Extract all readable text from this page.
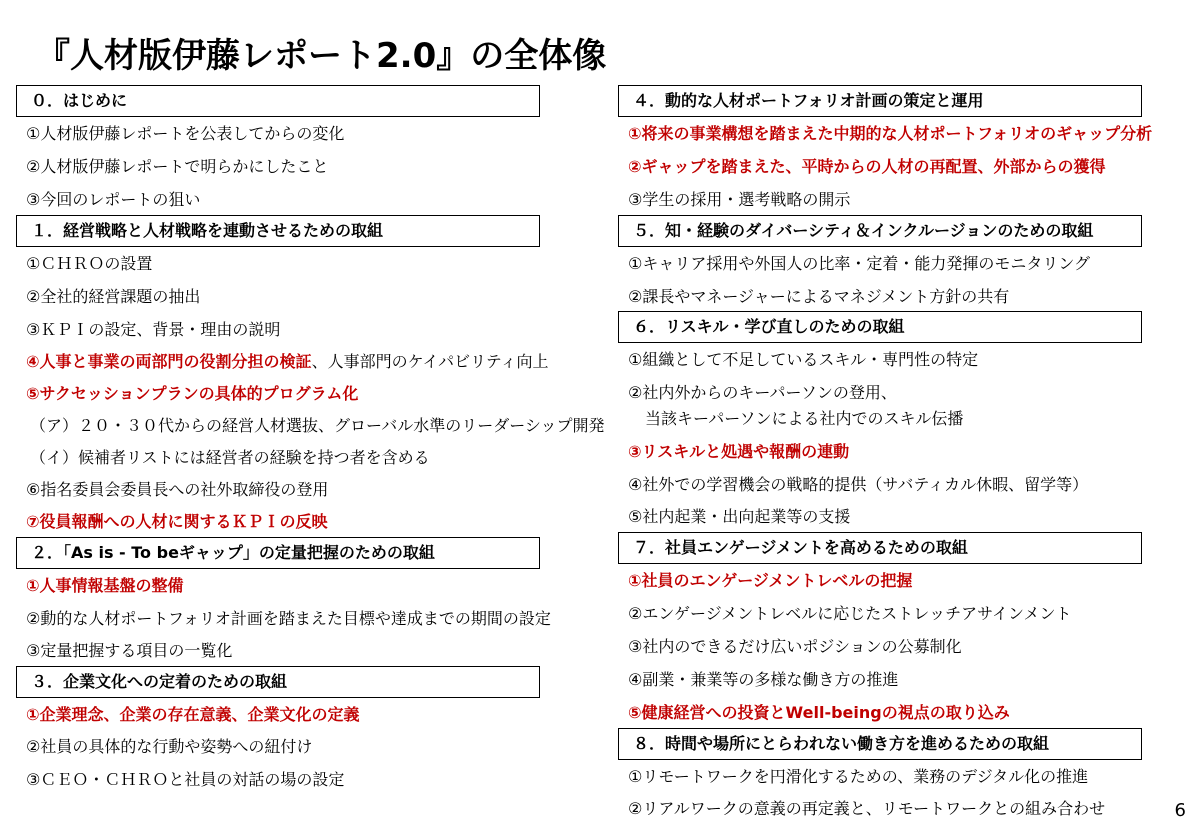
『人材版伊藤レポート2.0』の全体像
０．はじめに
①人材版伊藤レポートを公表してからの変化
②人材版伊藤レポートで明らかにしたこと
③今回のレポートの狙い
１．経営戦略と人材戦略を連動させるための取組
①ＣＨＲＯの設置
②全社的経営課題の抽出
③ＫＰＩの設定、背景・理由の説明
④人事と事業の両部門の役割分担の検証、人事部門のケイパビリティ向上
⑤サクセッションプランの具体的プログラム化
（ア）２０・３０代からの経営人材選抜、グローバル水準のリーダーシップ開発
（イ）候補者リストには経営者の経験を持つ者を含める
⑥指名委員会委員長への社外取締役の登用
⑦役員報酬への人材に関するＫＰＩの反映
２．「As is - To beギャップ」の定量把握のための取組
①人事情報基盤の整備
②動的な人材ポートフォリオ計画を踏まえた目標や達成までの期間の設定
③定量把握する項目の一覧化
３．企業文化への定着のための取組
①企業理念、企業の存在意義、企業文化の定義
②社員の具体的な行動や姿勢への紐付け
③ＣＥＯ・ＣＨＲＯと社員の対話の場の設定
４．動的な人材ポートフォリオ計画の策定と運用
①将来の事業構想を踏まえた中期的な人材ポートフォリオのギャップ分析
②ギャップを踏まえた、平時からの人材の再配置、外部からの獲得
③学生の採用・選考戦略の開示
５．知・経験のダイバーシティ＆インクルージョンのための取組
①キャリア採用や外国人の比率・定着・能力発揮のモニタリング
②課長やマネージャーによるマネジメント方針の共有
６．リスキル・学び直しのための取組
①組織として不足しているスキル・専門性の特定
②社内外からのキーパーソンの登用、
当該キーパーソンによる社内でのスキル伝播
③リスキルと処遇や報酬の連動
④社外での学習機会の戦略的提供（サバティカル休暇、留学等）
⑤社内起業・出向起業等の支援
７．社員エンゲージメントを高めるための取組
①社員のエンゲージメントレベルの把握
②エンゲージメントレベルに応じたストレッチアサインメント
③社内のできるだけ広いポジションの公募制化
④副業・兼業等の多様な働き方の推進
⑤健康経営への投資とWell-beingの視点の取り込み
８．時間や場所にとらわれない働き方を進めるための取組
①リモートワークを円滑化するための、業務のデジタル化の推進
②リアルワークの意義の再定義と、リモートワークとの組み合わせ	6
